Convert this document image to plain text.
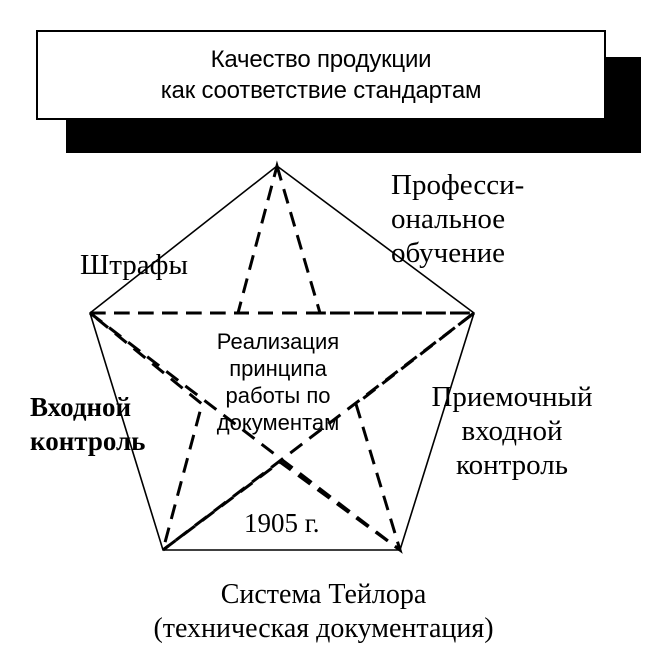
Качество продукции
как соответствие стандартам
Професси-
ональное
обучение
Штрафы
Входной
контроль
Приемочный
входной
контроль
Реализация
принципа
работы по
документам
1905 г.
Система Тейлора
(техническая документация)
